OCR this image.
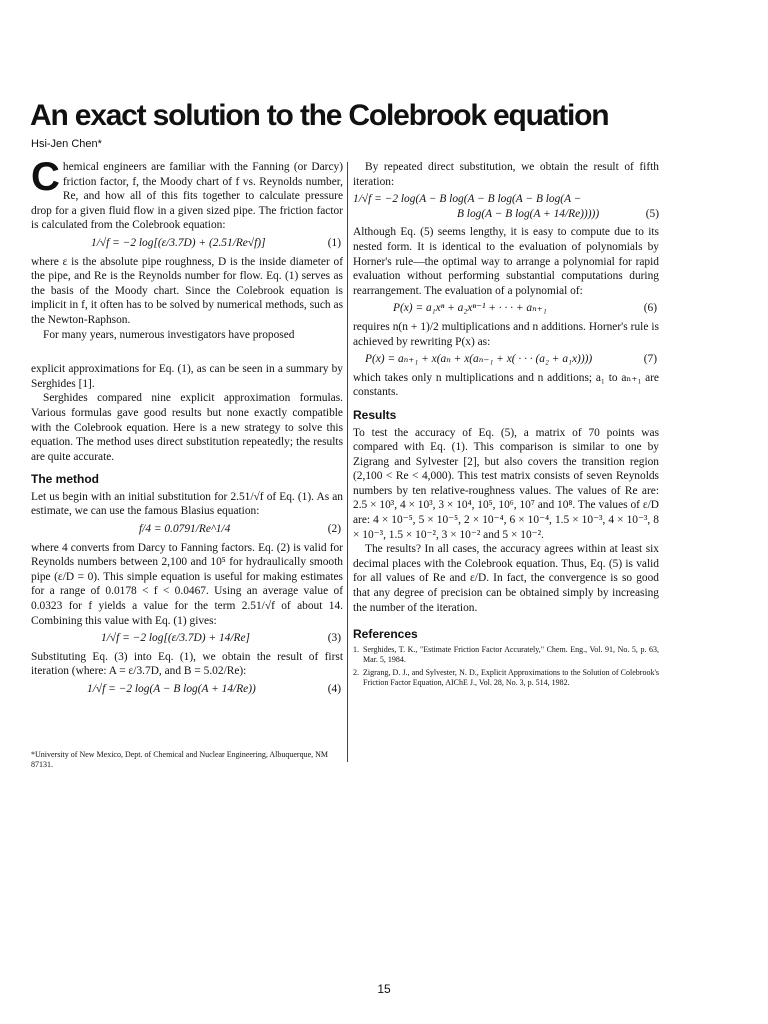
An exact solution to the Colebrook equation
Hsi-Jen Chen*

Chemical engineers are familiar with the Fanning (or Darcy) friction factor, f, the Moody chart of f vs. Reynolds number, Re, and how all of this fits together to calculate pressure drop for a given fluid flow in a given sized pipe. The friction factor is calculated from the Colebrook equation:

1/√f = −2 log[(ε/3.7D) + (2.51/Re√f)]	(1)

where ε is the absolute pipe roughness, D is the inside diameter of the pipe, and Re is the Reynolds number for flow. Eq. (1) serves as the basis of the Moody chart. Since the Colebrook equation is implicit in f, it often has to be solved by numerical methods, such as the Newton-Raphson.

For many years, numerous investigators have proposed

explicit approximations for Eq. (1), as can be seen in a summary by Serghides [1].

Serghides compared nine explicit approximation formulas. Various formulas gave good results but none exactly compatible with the Colebrook equation. Here is a new strategy to solve this equation. The method uses direct substitution repeatedly; the results are quite accurate.

The method

Let us begin with an initial substitution for 2.51/√f of Eq. (1). As an estimate, we can use the famous Blasius equation:

f/4 = 0.0791/Re^1/4	(2)

where 4 converts from Darcy to Fanning factors. Eq. (2) is valid for Reynolds numbers between 2,100 and 10⁵ for hydraulically smooth pipe (ε/D = 0). This simple equation is useful for making estimates for a range of 0.0178 < f < 0.0467. Using an average value of 0.0323 for f yields a value for the term 2.51/√f of about 14. Combining this value with Eq. (1) gives:

1/√f = −2 log[(ε/3.7D) + 14/Re]	(3)

Substituting Eq. (3) into Eq. (1), we obtain the result of first iteration (where: A = ε/3.7D, and B = 5.02/Re):

1/√f = −2 log(A − B log(A + 14/Re))	(4)
*University of New Mexico, Dept. of Chemical and Nuclear Engineering, Albuquerque, NM 87131.

By repeated direct substitution, we obtain the result of fifth iteration:

1/√f = −2 log(A − B log(A − B log(A − B log(A −
B log(A − B log(A + 14/Re)))))	(5)

Although Eq. (5) seems lengthy, it is easy to compute due to its nested form. It is identical to the evaluation of polynomials by Horner's rule—the optimal way to arrange a polynomial for rapid evaluation without performing substantial computations during rearrangement. The evaluation of a polynomial of:

P(x) = a₁xⁿ + a₂xⁿ⁻¹ + · · · + aₙ₊₁	(6)

requires n(n + 1)/2 multiplications and n additions. Horner's rule is achieved by rewriting P(x) as:

P(x) = aₙ₊₁ + x(aₙ + x(aₙ₋₁ + x( · · · (a₂ + a₁x))))	(7)

which takes only n multiplications and n additions; a₁ to aₙ₊₁ are constants.

Results

To test the accuracy of Eq. (5), a matrix of 70 points was compared with Eq. (1). This comparison is similar to one by Zigrang and Sylvester [2], but also covers the transition region (2,100 < Re < 4,000). This test matrix consists of seven Reynolds numbers by ten relative-roughness values. The values of Re are: 2.5 × 10³, 4 × 10³, 3 × 10⁴, 10⁵, 10⁶, 10⁷ and 10⁸. The values of ε/D are: 4 × 10⁻⁵, 5 × 10⁻⁵, 2 × 10⁻⁴, 6 × 10⁻⁴, 1.5 × 10⁻³, 4 × 10⁻³, 8 × 10⁻³, 1.5 × 10⁻², 3 × 10⁻² and 5 × 10⁻².

The results? In all cases, the accuracy agrees within at least six decimal places with the Colebrook equation. Thus, Eq. (5) is valid for all values of Re and ε/D. In fact, the convergence is so good that any degree of precision can be obtained simply by increasing the number of the iteration.

References
1. Serghides, T. K., "Estimate Friction Factor Accurately," Chem. Eng., Vol. 91, No. 5, p. 63, Mar. 5, 1984.
2. Zigrang, D. J., and Sylvester, N. D., Explicit Approximations to the Solution of Colebrook's Friction Factor Equation, AIChE J., Vol. 28, No. 3, p. 514, 1982.
15
